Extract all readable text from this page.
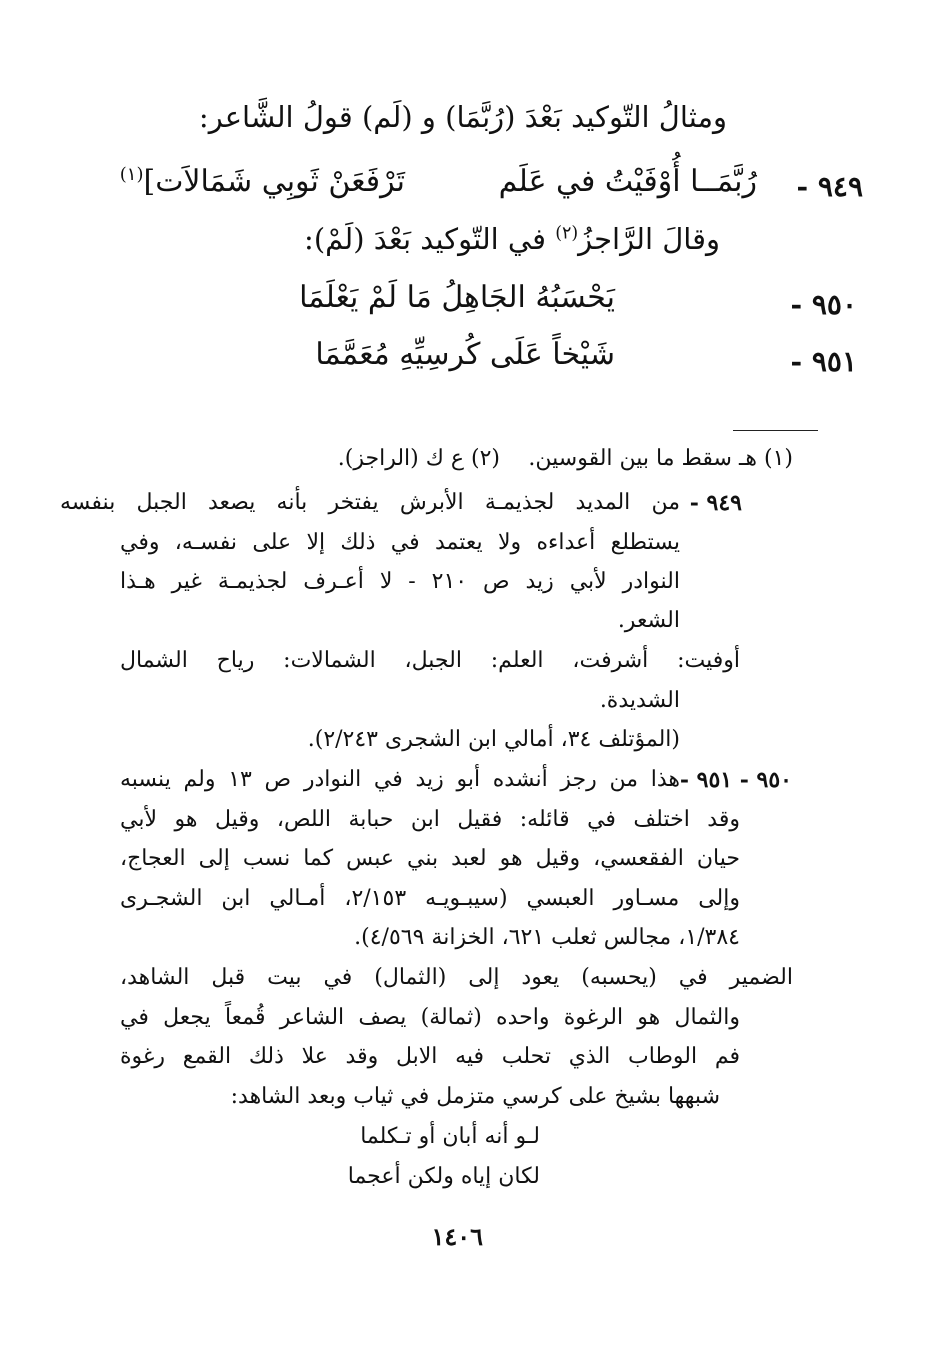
ومثالُ التّوكيد بَعْدَ (رُبَّمَا) و (لَم) قولُ الشَّاعر:
٩٤٩ -
رُبَّمَــا أُوْفَيْتُ في عَلَم
تَرْفَعَنْ ثَوبِي شَمَالاَت]$^{(١)}$
وقالَ الرَّاجزُ$^{(٢)}$ في التّوكيد بَعْدَ (لَمْ):
٩٥٠ -
يَحْسَبُهُ الجَاهِلُ مَا لَمْ يَعْلَمَا
٩٥١ -
شَيْخاً عَلَى كُرسِيِّهِ مُعَمَّمَا
(١) هـ سقط ما بين القوسين.
(٢) ع ك (الراجز).
٩٤٩ -
من المديد لجذيمـة الأبرش يفتخر بأنه يصعد الجبل بنفسه
يستطلع أعداءه ولا يعتمد في ذلك إلا على نفسـه، وفي
النوادر لأبي زيد ص ٢١٠ - لا أعـرف لجذيمـة غير هـذا
الشعر.
أوفيت: أشرفت، العلم: الجبل، الشمالات: رياح الشمال
الشديدة.
(المؤتلف ٣٤، أمالي ابن الشجرى ٢/٢٤٣).
٩٥٠ - ٩٥١ -
هذا من رجز أنشده أبو زيد في النوادر ص ١٣ ولم ينسبه
وقد اختلف في قائله: فقيل ابن حبابة اللص، وقيل هو لأبي
حيان الفقعسي، وقيل هو لعبد بني عبس كما نسب إلى العجاج،
وإلى مسـاور العبسي (سيبـويـه ٢/١٥٣، أمـالي ابن الشجـرى
١/٣٨٤، مجالس ثعلب ٦٢١، الخزانة ٤/٥٦٩).
الضمير في (يحسبه) يعود إلى (الثمال) في بيت قبل الشاهد،
والثمال هو الرغوة واحده (ثمالة) يصف الشاعر قُمعاً يجعل في
فم الوطاب الذي تحلب فيه الابل وقد علا ذلك القمع رغوة
شبهها بشيخ على كرسي متزمل في ثياب وبعد الشاهد:
لـو أنه أبان أو تـكلما
لكان إياه ولكن أعجما
١٤٠٦
